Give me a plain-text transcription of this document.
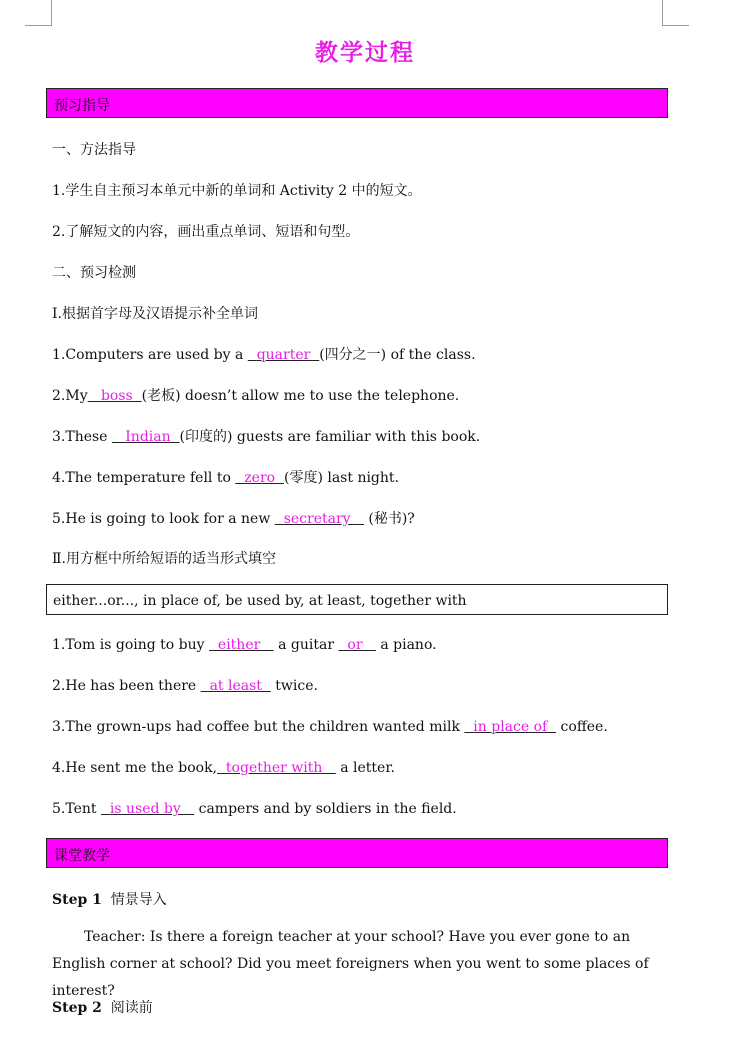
教学过程
预习指导
一、方法指导
1.学生自主预习本单元中新的单词和 Activity 2 中的短文。
2.了解短文的内容，画出重点单词、短语和句型。
二、预习检测
Ⅰ.根据首字母及汉语提示补全单词
1.Computers are used by a   quarter (四分之一) of the class.
2.My boss (老板) doesn’t allow me to use the telephone.
3.These    Indian (印度的) guests are familiar with this book.
4.The temperature fell to   zero (零度) last night.
5.He is going to look for a new   secretary    (秘书)?
Ⅱ.用方框中所给短语的适当形式填空
either...or..., in place of, be used by, at least, together with
1.Tom is going to buy   either    a guitar   or    a piano.
2.He has been there   at least   twice.
3.The grown-ups had coffee but the children wanted milk   in place of   coffee.
4.He sent me the book, together with    a letter.
5.Tent   is used by    campers and by soldiers in the field.
课堂教学
Step 1 情景导入
Teacher: Is there a foreign teacher at your school? Have you ever gone to an English corner at school? Did you meet foreigners when you went to some places of interest?
Step 2 阅读前
